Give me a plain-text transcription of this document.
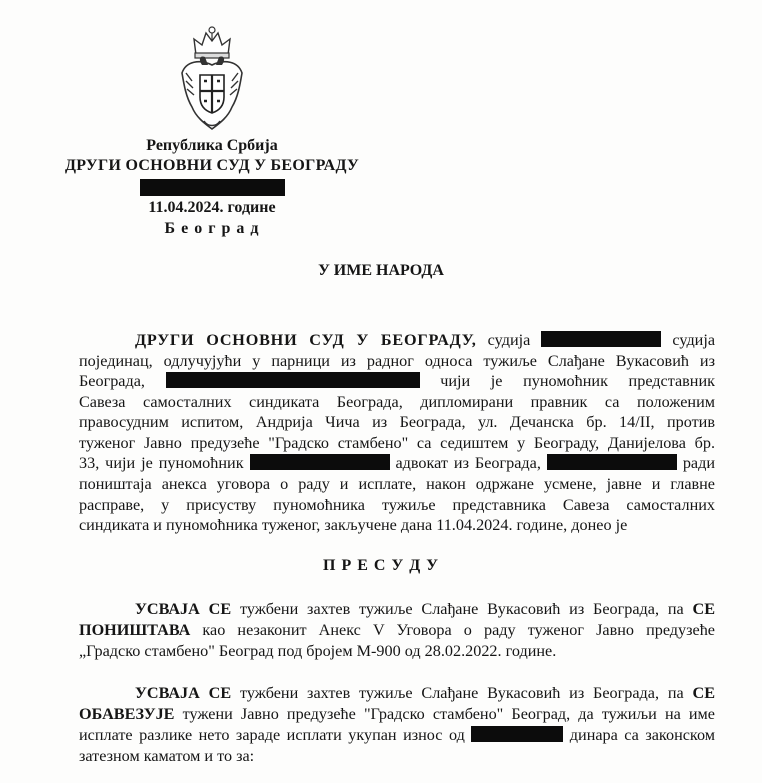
Република Србија
ДРУГИ ОСНОВНИ СУД У БЕОГРАДУ
11.04.2024. године
Б е о г р а д
У ИМЕ НАРОДА
ДРУГИ ОСНОВНИ СУД У БЕОГРАДУ, судија	судија
појединац, одлучујући у парници из радног односа тужиље Слађане Вукасовић из
Београда,	чији је пуномоћник представник
Савеза самосталних синдиката Београда, дипломирани правник са положеним
правосудним испитом, Андрија Чича из Београда, ул. Дечанска бр. 14/II, против
туженог Јавно предузеће "Градско стамбено" са седиштем у Београду, Данијелова бр.
33, чији је пуномоћник	адвокат из Београда,	ради
поништаја анекса уговора о раду и исплате, након одржане усмене, јавне и главне
расправе, у присуству пуномоћника тужиље представника Савеза самосталних
синдиката и пуномоћника туженог, закључене дана 11.04.2024. године, донео је
П Р Е С У Д У
УСВАЈА СЕ тужбени захтев тужиље Слађане Вукасовић из Београда, па СЕ
ПОНИШТАВА као незаконит Анекс V Уговора о раду туженог Јавно предузеће
„Градско стамбено" Београд под бројем М-900 од 28.02.2022. године.
УСВАЈА СЕ тужбени захтев тужиље Слађане Вукасовић из Београда, па СЕ
ОБАВЕЗУЈЕ тужени Јавно предузеће "Градско стамбено" Београд, да тужиљи на име
исплате разлике нето зараде исплати укупан износ од	динара са законском
затезном каматом и то за:
